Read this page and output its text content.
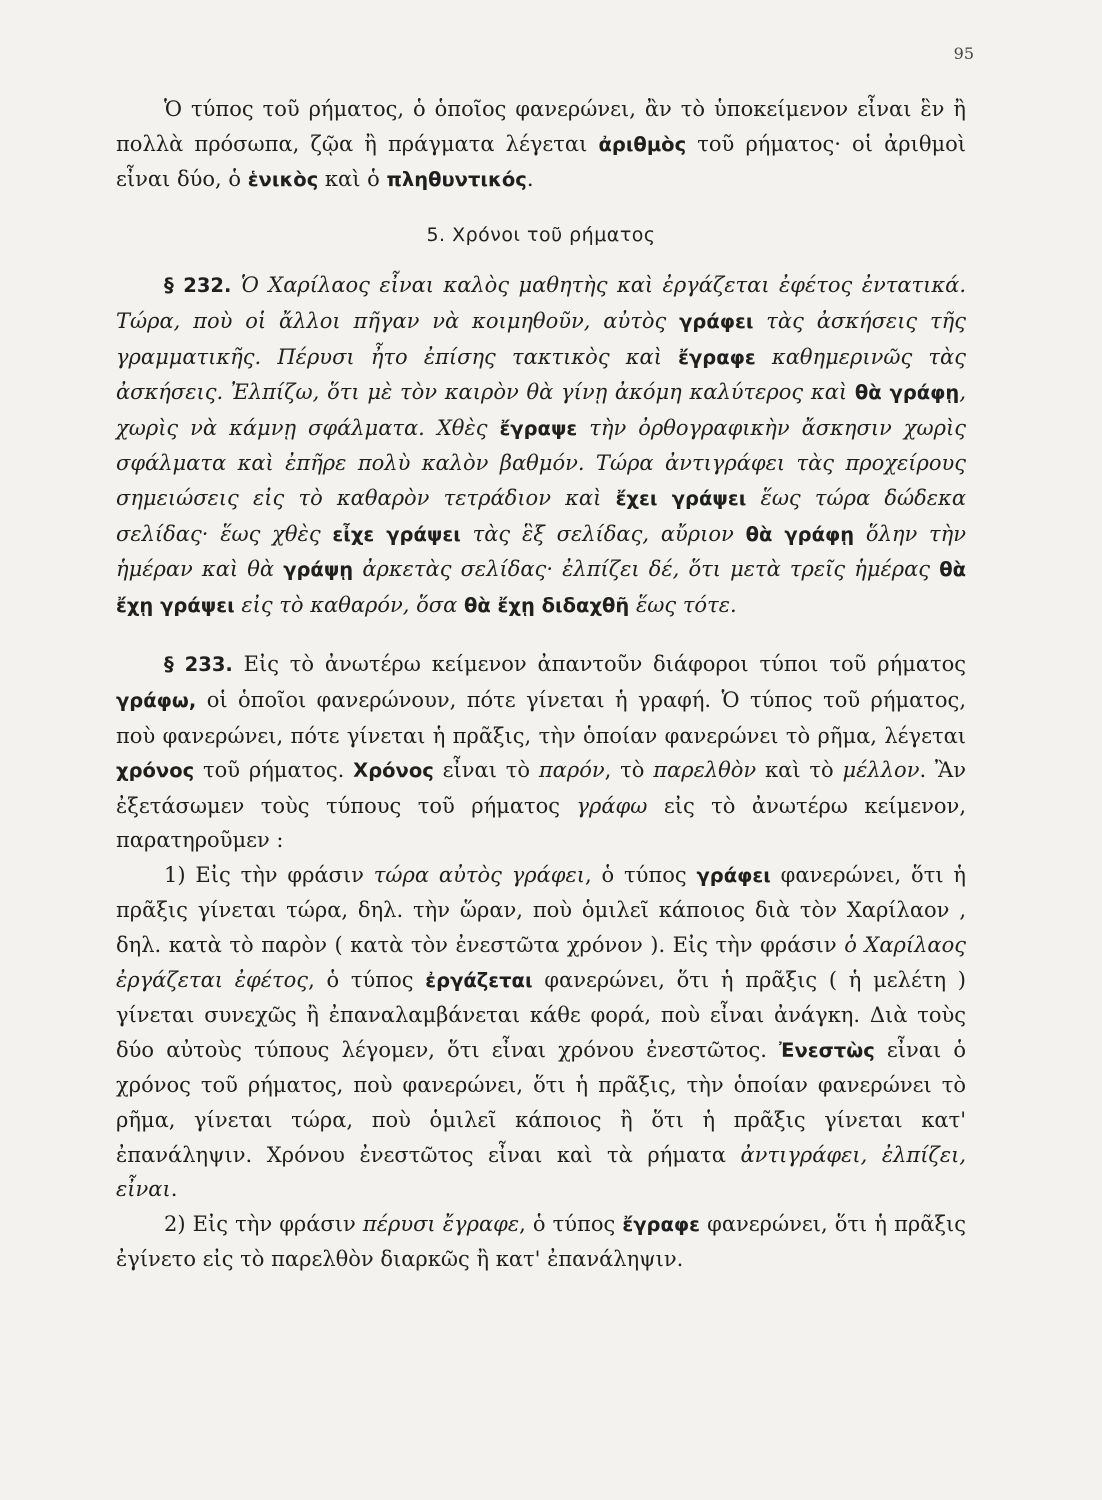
95

Ὁ τύπος τοῦ ρήματος, ὁ ὁποῖος φανερώνει, ἂν τὸ ὑποκείμενον εἶναι ἓν ἢ πολλὰ πρόσωπα, ζῷα ἢ πράγματα λέγεται ἀριθμὸς τοῦ ρήματος· οἱ ἀριθμοὶ εἶναι δύο, ὁ ἑνικὸς καὶ ὁ πληθυντικός.

5. Χρόνοι τοῦ ρήματος

§ 232. Ὁ Χαρίλαος εἶναι καλὸς μαθητὴς καὶ ἐργάζεται ἐφέτος ἐντατικά. Τώρα, ποὺ οἱ ἄλλοι πῆγαν νὰ κοιμηθοῦν, αὐτὸς γράφει τὰς ἀσκήσεις τῆς γραμματικῆς. Πέρυσι ἦτο ἐπίσης τακτικὸς καὶ ἔγραφε καθημερινῶς τὰς ἀσκήσεις. Ἐλπίζω, ὅτι μὲ τὸν καιρὸν θὰ γίνῃ ἀκόμη καλύτερος καὶ θὰ γράφῃ, χωρὶς νὰ κάμνῃ σφάλματα. Χθὲς ἔγραψε τὴν ὀρθογραφικὴν ἄσκησιν χωρὶς σφάλματα καὶ ἐπῆρε πολὺ καλὸν βαθμόν. Τώρα ἀντιγράφει τὰς προχείρους σημειώσεις εἰς τὸ καθαρὸν τετράδιον καὶ ἔχει γράψει ἕως τώρα δώδεκα σελίδας· ἕως χθὲς εἶχε γράψει τὰς ἓξ σελίδας, αὔριον θὰ γράφῃ ὅλην τὴν ἡμέραν καὶ θὰ γράψῃ ἀρκετὰς σελίδας· ἐλπίζει δέ, ὅτι μετὰ τρεῖς ἡμέρας θὰ ἔχῃ γράψει εἰς τὸ καθαρόν, ὅσα θὰ ἔχῃ διδαχθῆ ἕως τότε.

§ 233. Εἰς τὸ ἀνωτέρω κείμενον ἀπαντοῦν διάφοροι τύποι τοῦ ρήματος γράφω, οἱ ὁποῖοι φανερώνουν, πότε γίνεται ἡ γραφή. Ὁ τύπος τοῦ ρήματος, ποὺ φανερώνει, πότε γίνεται ἡ πρᾶξις, τὴν ὁποίαν φανερώνει τὸ ρῆμα, λέγεται χρόνος τοῦ ρήματος. Χρόνος εἶναι τὸ παρόν, τὸ παρελθὸν καὶ τὸ μέλλον. Ἂν ἐξετάσωμεν τοὺς τύπους τοῦ ρήματος γράφω εἰς τὸ ἀνωτέρω κείμενον, παρατηροῦμεν :

1) Εἰς τὴν φράσιν τώρα αὐτὸς γράφει, ὁ τύπος γράφει φανερώνει, ὅτι ἡ πρᾶξις γίνεται τώρα, δηλ. τὴν ὥραν, ποὺ ὁμιλεῖ κάποιος διὰ τὸν Χαρίλαον , δηλ. κατὰ τὸ παρὸν ( κατὰ τὸν ἐνεστῶτα χρόνον ). Εἰς τὴν φράσιν ὁ Χαρίλαος ἐργάζεται ἐφέτος, ὁ τύπος ἐργάζεται φανερώνει, ὅτι ἡ πρᾶξις ( ἡ μελέτη ) γίνεται συνεχῶς ἢ ἐπαναλαμβάνεται κάθε φορά, ποὺ εἶναι ἀνάγκη. Διὰ τοὺς δύο αὐτοὺς τύπους λέγομεν, ὅτι εἶναι χρόνου ἐνεστῶτος. Ἐνεστὼς εἶναι ὁ χρόνος τοῦ ρήματος, ποὺ φανερώνει, ὅτι ἡ πρᾶξις, τὴν ὁποίαν φανερώνει τὸ ρῆμα, γίνεται τώρα, ποὺ ὁμιλεῖ κάποιος ἢ ὅτι ἡ πρᾶξις γίνεται κατ' ἐπανάληψιν. Χρόνου ἐνεστῶτος εἶναι καὶ τὰ ρήματα ἀντιγράφει, ἐλπίζει, εἶναι.

2) Εἰς τὴν φράσιν πέρυσι ἔγραφε, ὁ τύπος ἔγραφε φανερώνει, ὅτι ἡ πρᾶξις ἐγίνετο εἰς τὸ παρελθὸν διαρκῶς ἢ κατ' ἐπανάληψιν.
